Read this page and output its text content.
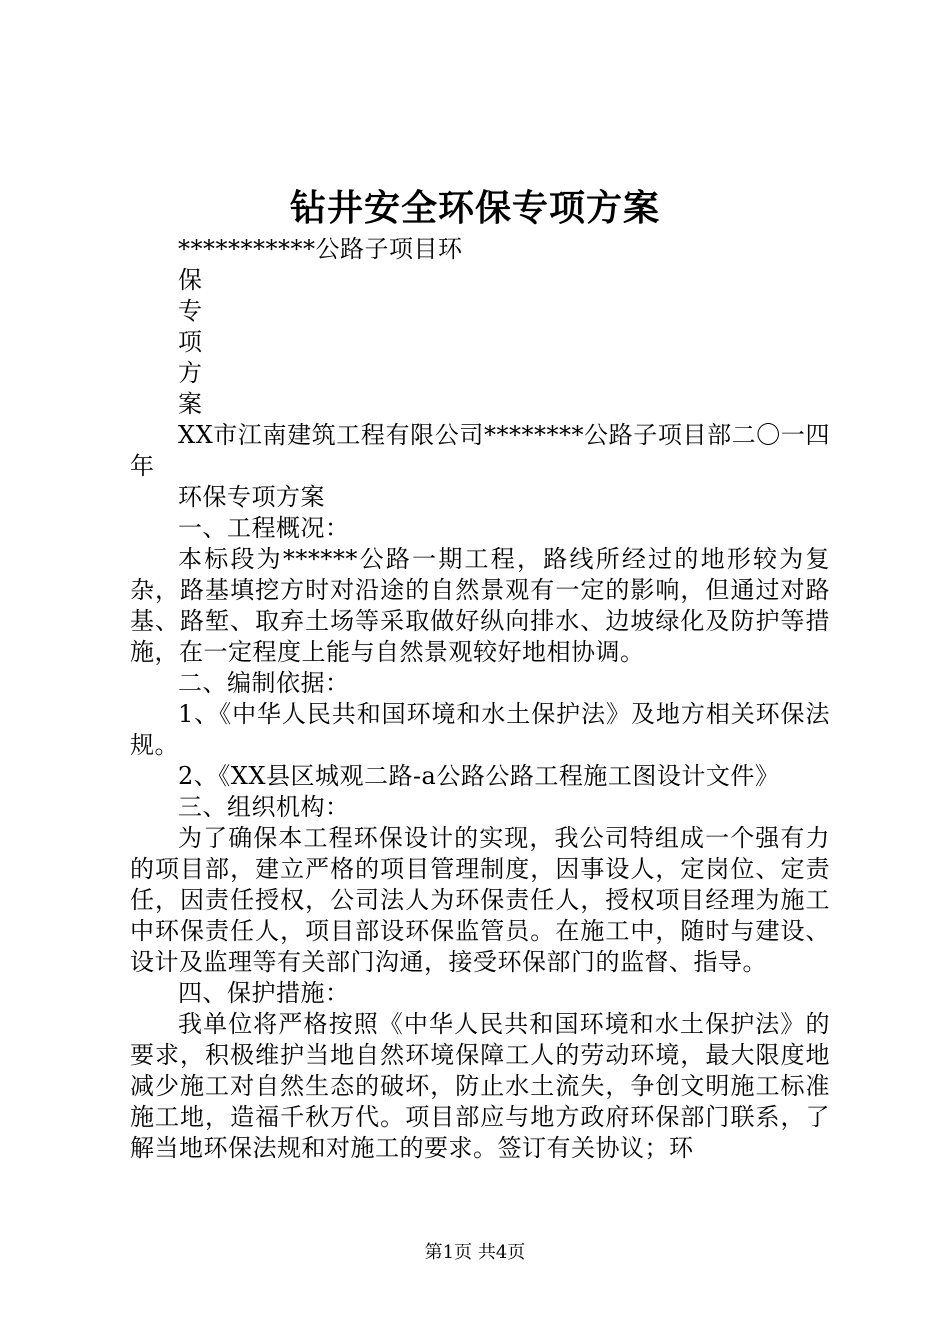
钻井安全环保专项方案

***********公路子项目环

保

专

项

方

案

XX市江南建筑工程有限公司********公路子项目部二〇一四年

环保专项方案

一、工程概况：

本标段为******公路一期工程，路线所经过的地形较为复杂，路基填挖方时对沿途的自然景观有一定的影响，但通过对路基、路堑、取弃土场等采取做好纵向排水、边坡绿化及防护等措施，在一定程度上能与自然景观较好地相协调。

二、编制依据：

1、《中华人民共和国环境和水土保护法》及地方相关环保法规。

2、《XX县区城观二路-a公路公路工程施工图设计文件》

三、组织机构：

为了确保本工程环保设计的实现，我公司特组成一个强有力的项目部，建立严格的项目管理制度，因事设人，定岗位、定责任，因责任授权，公司法人为环保责任人，授权项目经理为施工中环保责任人，项目部设环保监管员。在施工中，随时与建设、设计及监理等有关部门沟通，接受环保部门的监督、指导。

四、保护措施：

我单位将严格按照《中华人民共和国环境和水土保护法》的要求，积极维护当地自然环境保障工人的劳动环境，最大限度地减少施工对自然生态的破坏，防止水土流失，争创文明施工标准施工地，造福千秋万代。项目部应与地方政府环保部门联系，了解当地环保法规和对施工的要求。签订有关协议；环

第1页 共4页
